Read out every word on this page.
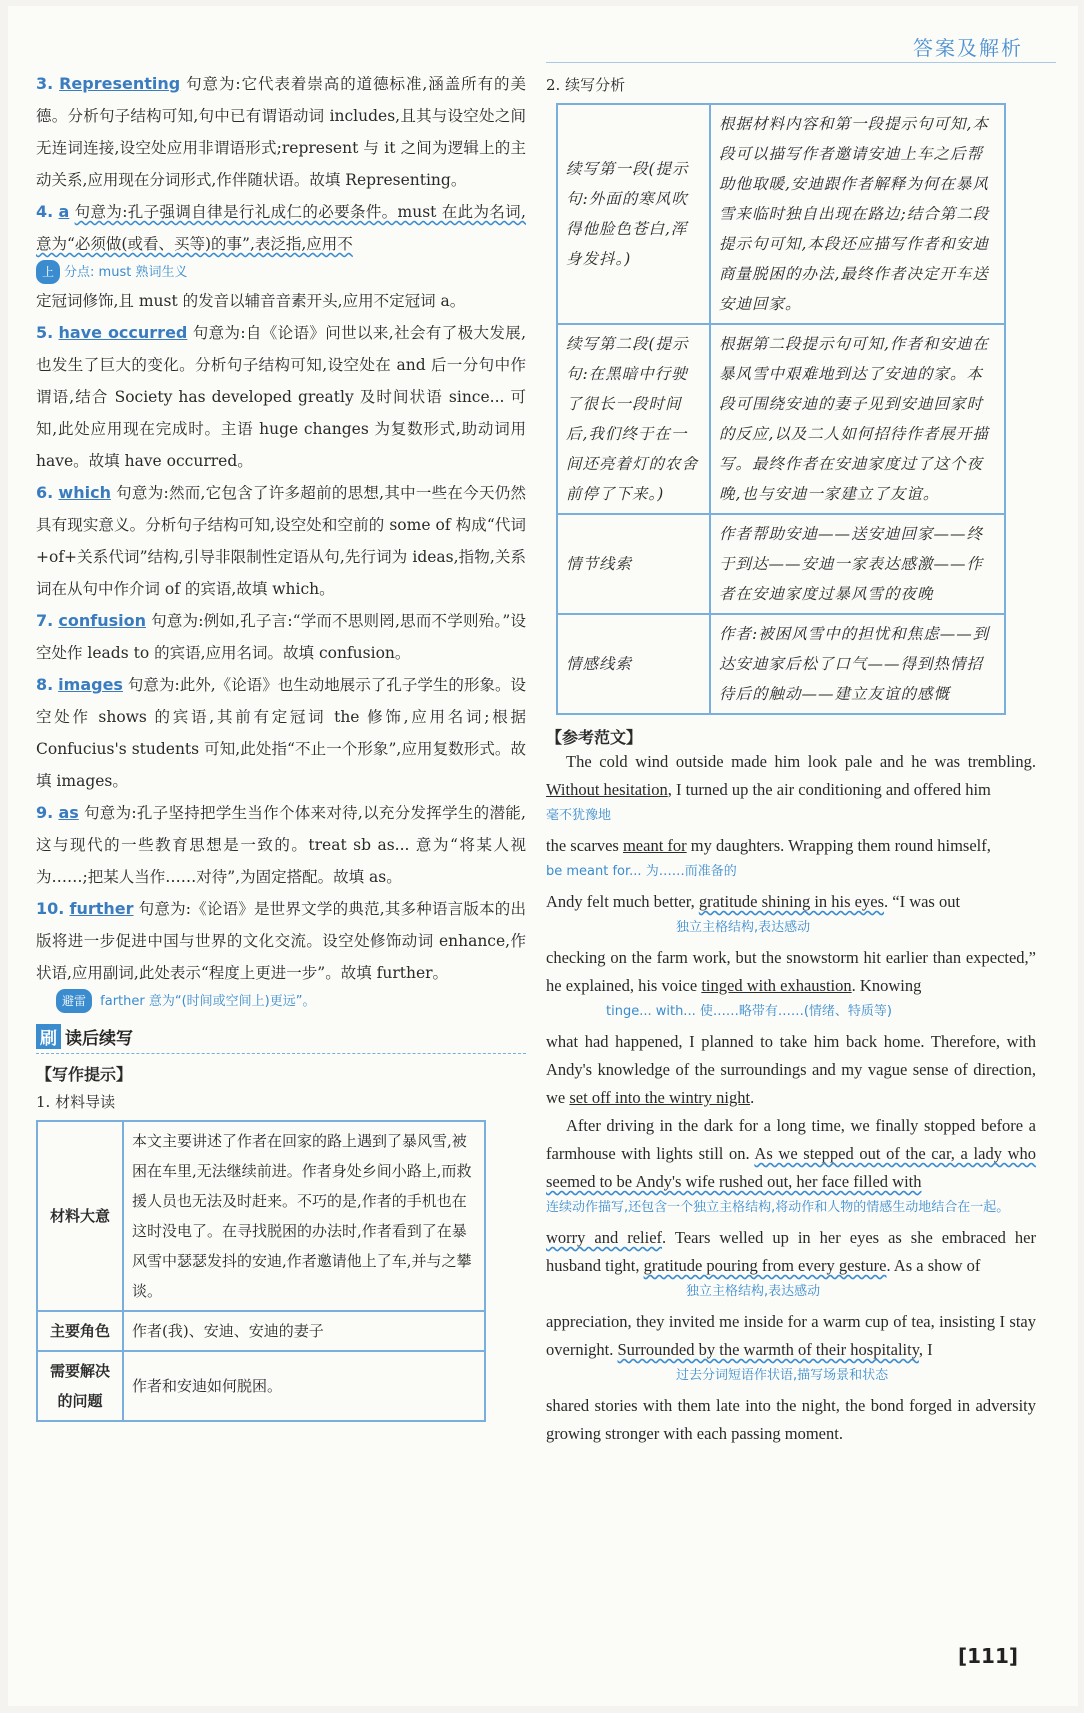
答案及解析

3. Representing 句意为:它代表着崇高的道德标准,涵盖所有的美德。分析句子结构可知,句中已有谓语动词 includes,且其与设空处之间无连词连接,设空处应用非谓语形式;represent 与 it 之间为逻辑上的主动关系,应用现在分词形式,作伴随状语。故填 Representing。

4. a 句意为:孔子强调自律是行礼成仁的必要条件。must 在此为名词,意为“必须做(或看、买等)的事”,表泛指,应用不

上 分点: must 熟词生义

定冠词修饰,且 must 的发音以辅音音素开头,应用不定冠词 a。

5. have occurred 句意为:自《论语》问世以来,社会有了极大发展,也发生了巨大的变化。分析句子结构可知,设空处在 and 后一分句中作谓语,结合 Society has developed greatly 及时间状语 since... 可知,此处应用现在完成时。主语 huge changes 为复数形式,助动词用 have。故填 have occurred。

6. which 句意为:然而,它包含了许多超前的思想,其中一些在今天仍然具有现实意义。分析句子结构可知,设空处和空前的 some of 构成“代词+of+关系代词”结构,引导非限制性定语从句,先行词为 ideas,指物,关系词在从句中作介词 of 的宾语,故填 which。

7. confusion 句意为:例如,孔子言:“学而不思则罔,思而不学则殆。”设空处作 leads to 的宾语,应用名词。故填 confusion。

8. images 句意为:此外,《论语》也生动地展示了孔子学生的形象。设空处作 shows 的宾语,其前有定冠词 the 修饰,应用名词;根据 Confucius's students 可知,此处指“不止一个形象”,应用复数形式。故填 images。

9. as 句意为:孔子坚持把学生当作个体来对待,以充分发挥学生的潜能,这与现代的一些教育思想是一致的。treat sb as... 意为“将某人视为……;把某人当作……对待”,为固定搭配。故填 as。

10. further 句意为:《论语》是世界文学的典范,其多种语言版本的出版将进一步促进中国与世界的文化交流。设空处修饰动词 enhance,作状语,应用副词,此处表示“程度上更进一步”。故填 further。

避雷 farther 意为“(时间或空间上)更远”。
刷 读后续写
【写作提示】
1. 材料导读
材料大意	本文主要讲述了作者在回家的路上遇到了暴风雪,被困在车里,无法继续前进。作者身处乡间小路上,而救援人员也无法及时赶来。不巧的是,作者的手机也在这时没电了。在寻找脱困的办法时,作者看到了在暴风雪中瑟瑟发抖的安迪,作者邀请他上了车,并与之攀谈。
主要角色	作者(我)、安迪、安迪的妻子
需要解决的问题	作者和安迪如何脱困。
2. 续写分析
续写第一段(提示句:外面的寒风吹得他脸色苍白,浑身发抖。)	根据材料内容和第一段提示句可知,本段可以描写作者邀请安迪上车之后帮助他取暖,安迪跟作者解释为何在暴风雪来临时独自出现在路边;结合第二段提示句可知,本段还应描写作者和安迪商量脱困的办法,最终作者决定开车送安迪回家。
续写第二段(提示句:在黑暗中行驶了很长一段时间后,我们终于在一间还亮着灯的农舍前停了下来。)	根据第二段提示句可知,作者和安迪在暴风雪中艰难地到达了安迪的家。本段可围绕安迪的妻子见到安迪回家时的反应,以及二人如何招待作者展开描写。最终作者在安迪家度过了这个夜晚,也与安迪一家建立了友谊。
情节线索	作者帮助安迪——送安迪回家——终于到达——安迪一家表达感激——作者在安迪家度过暴风雪的夜晚
情感线索	作者:被困风雪中的担忧和焦虑——到达安迪家后松了口气——得到热情招待后的触动——建立友谊的感慨
【参考范文】

The cold wind outside made him look pale and he was trembling. Without hesitation, I turned up the air conditioning and offered him

毫不犹豫地

the scarves meant for my daughters. Wrapping them round himself,

be meant for... 为……而准备的

Andy felt much better, gratitude shining in his eyes. “I was out

独立主格结构,表达感动

checking on the farm work, but the snowstorm hit earlier than expected,” he explained, his voice tinged with exhaustion. Knowing

tinge... with... 使……略带有……(情绪、特质等)

what had happened, I planned to take him back home. Therefore, with Andy's knowledge of the surroundings and my vague sense of direction, we set off into the wintry night.

After driving in the dark for a long time, we finally stopped before a farmhouse with lights still on. As we stepped out of the car, a lady who seemed to be Andy's wife rushed out, her face filled with

连续动作描写,还包含一个独立主格结构,将动作和人物的情感生动地结合在一起。

worry and relief. Tears welled up in her eyes as she embraced her husband tight, gratitude pouring from every gesture. As a show of

独立主格结构,表达感动

appreciation, they invited me inside for a warm cup of tea, insisting I stay overnight. Surrounded by the warmth of their hospitality, I

过去分词短语作状语,描写场景和状态

shared stories with them late into the night, the bond forged in adversity growing stronger with each passing moment.

[111]
